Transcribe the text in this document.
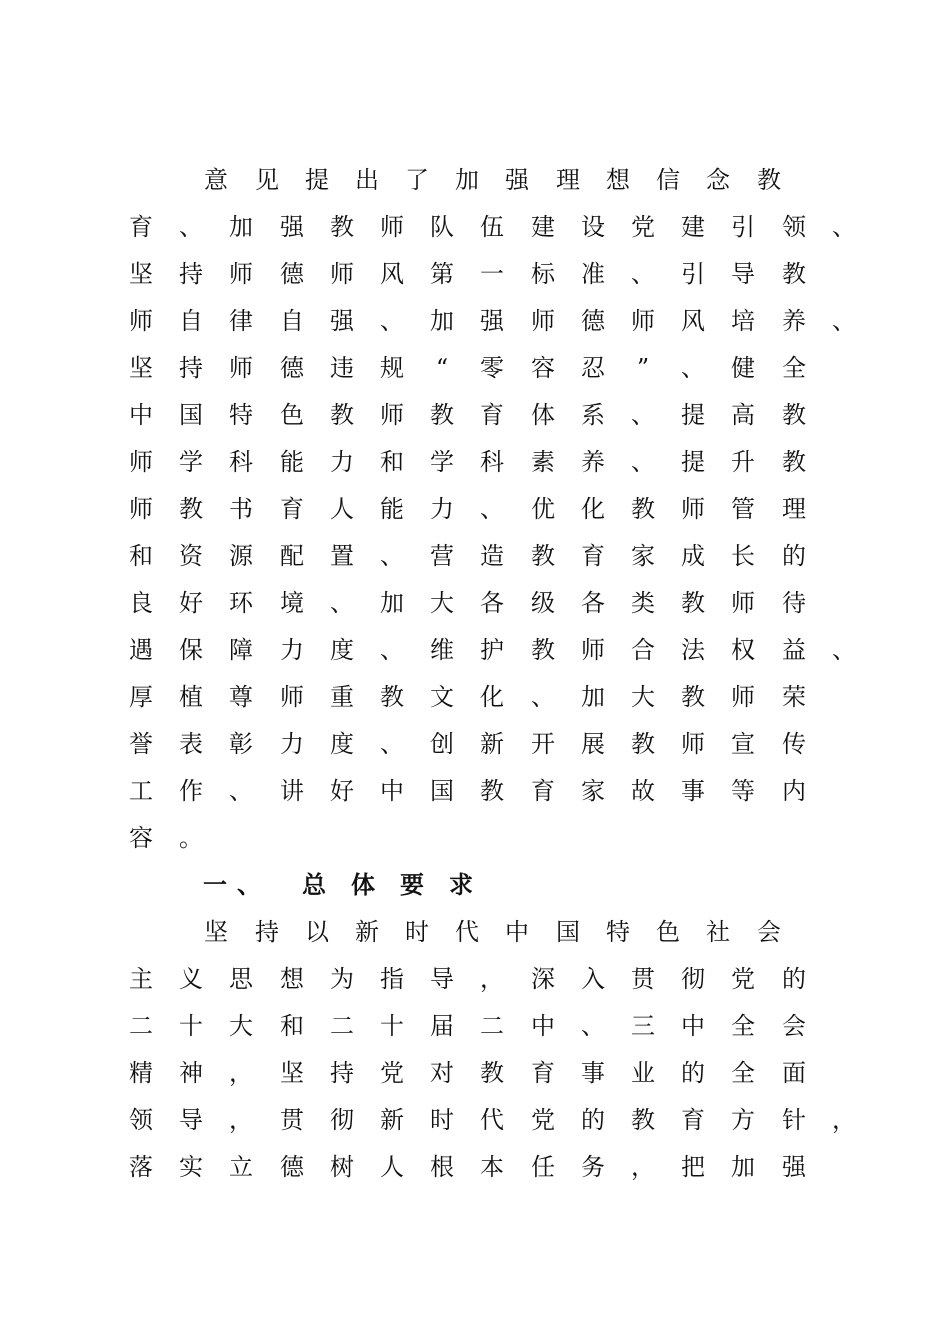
意 见 提 出 了 加 强 理 想 信 念 教
育 、 加 强 教 师 队 伍 建 设 党 建 引 领 、
坚 持 师 德 师 风 第 一 标 准 、 引 导 教
师 自 律 自 强 、 加 强 师 德 师 风 培 养 、
坚 持 师 德 违 规	“	零 容 忍	”	、 健 全
中 国 特 色 教 师 教 育 体 系 、 提 高 教
师 学 科 能 力 和 学 科 素 养 、 提 升 教
师 教 书 育 人 能 力 、 优 化 教 师 管 理
和 资 源 配 置 、 营 造 教 育 家 成 长 的
良 好 环 境 、 加 大 各 级 各 类 教 师 待
遇 保 障 力 度 、 维 护 教 师 合 法 权 益 、
厚 植 尊 师 重 教 文 化 、 加 大 教 师 荣
誉 表 彰 力 度 、 创 新 开 展 教 师 宣 传
工 作 、 讲 好 中 国 教 育 家 故 事 等 内
容 。
一 、 总 体 要 求
坚 持 以 新 时 代 中 国 特 色 社 会
主 义 思 想 为 指 导 ， 深 入 贯 彻 党 的
二 十 大 和 二 十 届 二 中 、 三 中 全 会
精 神 ， 坚 持 党 对 教 育 事 业 的 全 面
领 导 ， 贯 彻 新 时 代 党 的 教 育 方 针 ，
落 实 立 德 树 人 根 本 任 务 ， 把 加 强
